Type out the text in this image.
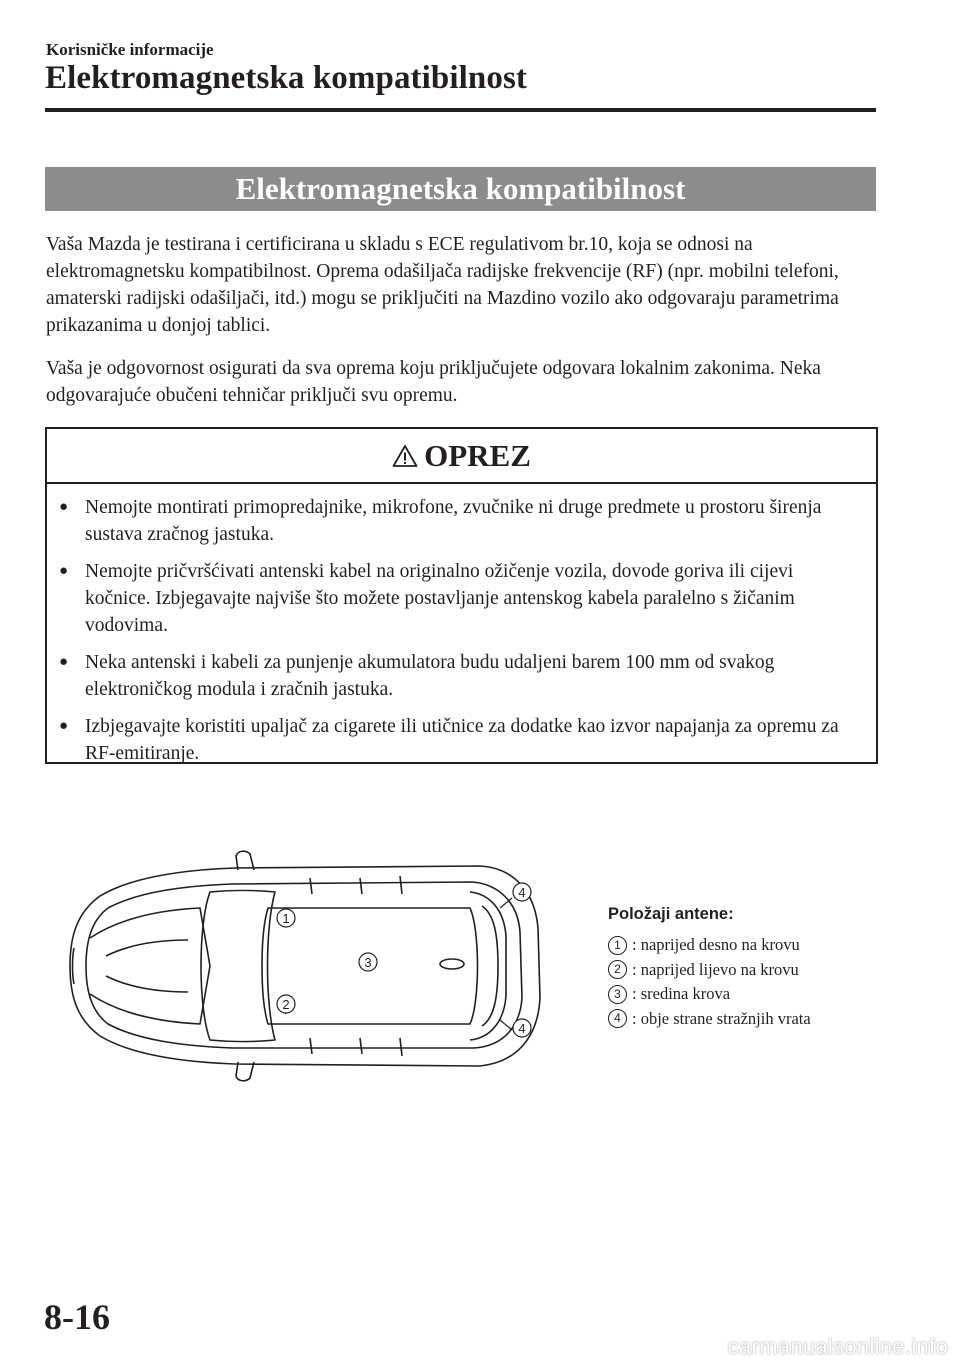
Korisničke informacije
Elektromagnetska kompatibilnost
Elektromagnetska kompatibilnost

Vaša Mazda je testirana i certificirana u skladu s ECE regulativom br.10, koja se odnosi na elektromagnetsku kompatibilnost. Oprema odašiljača radijske frekvencije (RF) (npr. mobilni telefoni, amaterski radijski odašiljači, itd.) mogu se priključiti na Mazdino vozilo ako odgovaraju parametrima prikazanima u donjoj tablici.

Vaša je odgovornost osigurati da sva oprema koju priključujete odgovara lokalnim zakonima. Neka odgovarajuće obučeni tehničar priključi svu opremu.

OPREZ
● Nemojte montirati primopredajnike, mikrofone, zvučnike ni druge predmete u prostoru širenja sustava zračnog jastuka.
● Nemojte pričvršćivati antenski kabel na originalno ožičenje vozila, dovode goriva ili cijevi kočnice. Izbjegavajte najviše što možete postavljanje antenskog kabela paralelno s žičanim vodovima.
● Neka antenski i kabeli za punjenje akumulatora budu udaljeni barem 100 mm od svakog elektroničkog modula i zračnih jastuka.
● Izbjegavajte koristiti upaljač za cigarete ili utičnice za dodatke kao izvor napajanja za opremu za RF-emitiranje.
1
2
3
4
4
Položaji antene:
1 : naprijed desno na krovu
2 : naprijed lijevo na krovu
3 : sredina krova
4 : obje strane stražnjih vrata
8-16
carmanualsonline.info
